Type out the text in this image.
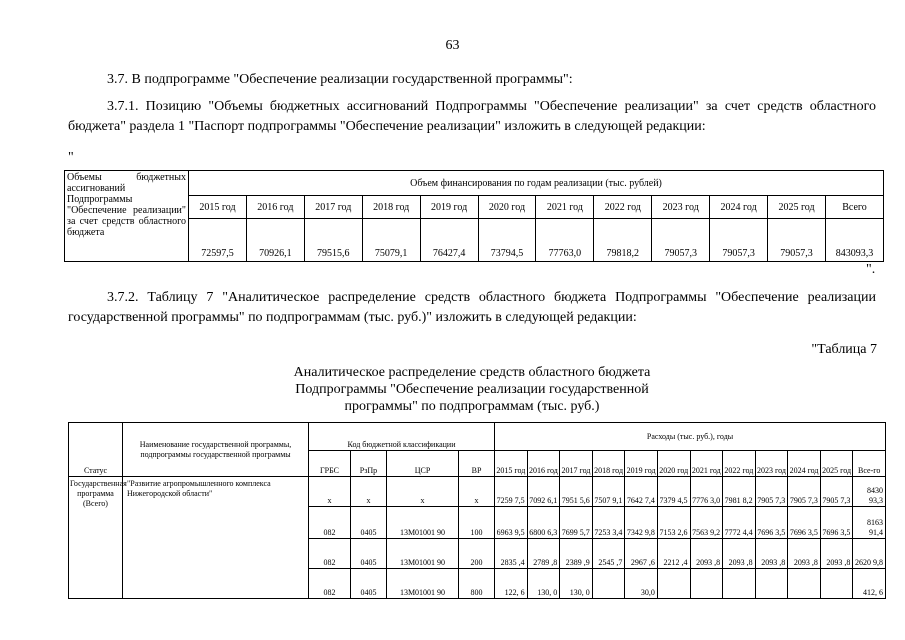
63
3.7. В подпрограмме "Обеспечение реализации государственной программы":
3.7.1. Позицию "Объемы бюджетных ассигнований Подпрограммы "Обеспечение реализации" за счет средств областного бюджета" раздела 1 "Паспорт подпрограммы "Обеспечение реализации" изложить в следующей редакции:
"
Объемы бюджетных ассигнований Подпрограммы "Обеспечение реализации" за счет средств областного бюджета	Объем финансирования по годам реализации (тыс. рублей)											
	2015 год	2016 год	2017 год	2018 год	2019 год	2020 год	2021 год	2022 год	2023 год	2024 год	2025 год	Всего
	72597,5	70926,1	79515,6	75079,1	76427,4	73794,5	77763,0	79818,2	79057,3	79057,3	79057,3	843093,3
".
3.7.2. Таблицу 7 "Аналитическое распределение средств областного бюджета Подпрограммы "Обеспечение реализации государственной программы" по подпрограммам (тыс. руб.)" изложить в следующей редакции:
"Таблица 7
Аналитическое распределение средств областного бюджета
Подпрограммы "Обеспечение реализации государственной
программы" по подпрограммам (тыс. руб.)
Статус	Наименование государственной программы, подпрограммы государственной программы	Код бюджетной классификации				Расходы (тыс. руб.), годы											
		ГРБС	РзПр	ЦСР	ВР	2015 год	2016 год	2017 год	2018 год	2019 год	2020 год	2021 год	2022 год	2023 год	2024 год	2025 год	Все-го
Государственная программа (Всего)	"Развитие агропромышленного комплекса Нижегородской области"	х	х	х	х	7259 7,5	7092 6,1	7951 5,6	7507 9,1	7642 7,4	7379 4,5	7776 3,0	7981 8,2	7905 7,3	7905 7,3	7905 7,3	8430 93,3
		082	0405	13М01001 90	100	6963 9,5	6800 6,3	7699 5,7	7253 3,4	7342 9,8	7153 2,6	7563 9,2	7772 4,4	7696 3,5	7696 3,5	7696 3,5	8163 91,4
		082	0405	13М01001 90	200	2835 ,4	2789 ,8	2389 ,9	2545 ,7	2967 ,6	2212 ,4	2093 ,8	2093 ,8	2093 ,8	2093 ,8	2093 ,8	2620 9,8
		082	0405	13М01001 90	800	122, 6	130, 0	130, 0		30,0							412, 6
